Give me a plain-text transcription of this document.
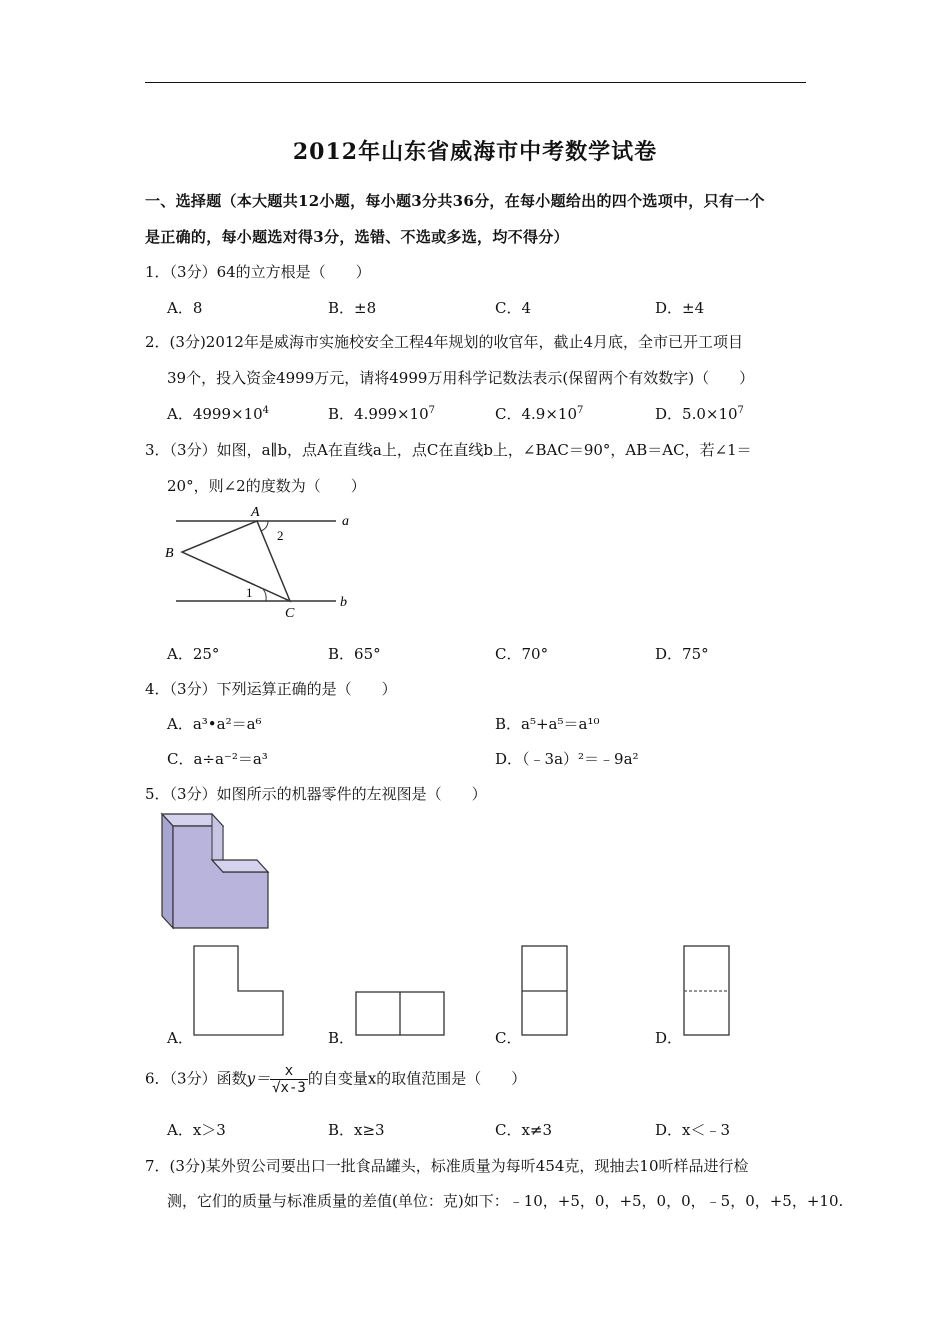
2012年山东省威海市中考数学试卷
一、选择题（本大题共12小题，每小题3分共36分，在每小题给出的四个选项中，只有一个
是正确的，每小题选对得3分，选错、不选或多选，均不得分）
1．（3分）64的立方根是（　　）
A．8	B．±8	C．4	D．±4
2．(3分)2012年是威海市实施校安全工程4年规划的收官年，截止4月底，全市已开工项目
39个，投入资金4999万元，请将4999万用科学记数法表示(保留两个有效数字)（　　）
A．$4999\times 10^4$	B．$4.999\times 10^7$	C．$4.9\times 10^7$	D．$5.0\times 10^7$
3．（3分）如图，a∥b，点A在直线a上，点C在直线b上，∠BAC＝90°，AB＝AC，若∠1＝
20°，则∠2的度数为（　　）
A
B
C
a
b
2
1
A．25°	B．65°	C．70°	D．75°
4．（3分）下列运算正确的是（　　）
A．a³•a²＝a⁶	B．a⁵+a⁵＝a¹⁰
C．a÷a⁻²＝a³	D．（﹣3a）²＝﹣9a²
5．（3分）如图所示的机器零件的左视图是（　　）
A．	B．	C．	D．
6．（3分）函数$y= \frac{x}{√x-3}$ 的自变量x的取值范围是（　　）
A．x＞3	B．x≥3	C．x≠3	D．x＜﹣3
7．(3分)某外贸公司要出口一批食品罐头，标准质量为每听454克，现抽去10听样品进行检
测，它们的质量与标准质量的差值(单位：克)如下：﹣10，+5，0，+5，0，0，﹣5，0，+5，+10.
